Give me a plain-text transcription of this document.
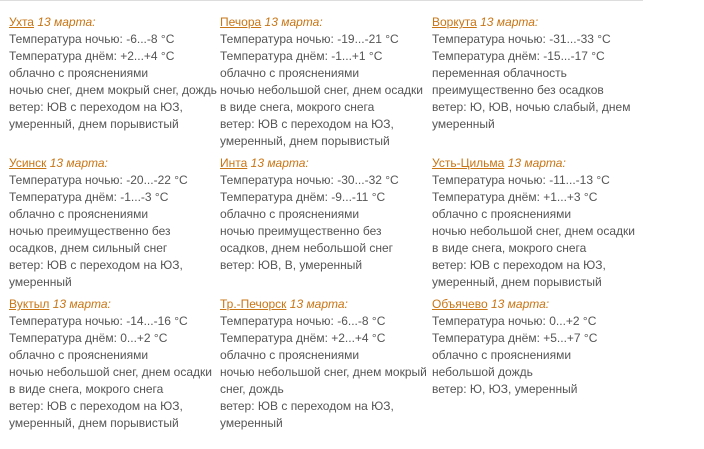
Ухта 13 марта:
Температура ночью: -6...-8 °C
Температура днём: +2...+4 °C
облачно с прояснениями
ночью снег, днем мокрый снег, дождь
ветер: ЮВ с переходом на ЮЗ, умеренный, днем порывистый
Печора 13 марта:
Температура ночью: -19...-21 °C
Температура днём: -1...+1 °C
облачно с прояснениями
ночью небольшой снег, днем осадки в виде снега, мокрого снега
ветер: ЮВ с переходом на ЮЗ, умеренный, днем порывистый
Воркута 13 марта:
Температура ночью: -31...-33 °C
Температура днём: -15...-17 °C
переменная облачность
преимущественно без осадков
ветер: Ю, ЮВ, ночью слабый, днем умеренный
Усинск 13 марта:
Температура ночью: -20...-22 °C
Температура днём: -1...-3 °C
облачно с прояснениями
ночью преимущественно без осадков, днем сильный снег
ветер: ЮВ с переходом на ЮЗ, умеренный
Инта 13 марта:
Температура ночью: -30...-32 °C
Температура днём: -9...-11 °C
облачно с прояснениями
ночью преимущественно без осадков, днем небольшой снег
ветер: ЮВ, В, умеренный
Усть-Цильма 13 марта:
Температура ночью: -11...-13 °C
Температура днём: +1...+3 °C
облачно с прояснениями
ночью небольшой снег, днем осадки в виде снега, мокрого снега
ветер: ЮВ с переходом на ЮЗ, умеренный, днем порывистый
Вуктыл 13 марта:
Температура ночью: -14...-16 °C
Температура днём: 0...+2 °C
облачно с прояснениями
ночью небольшой снег, днем осадки в виде снега, мокрого снега
ветер: ЮВ с переходом на ЮЗ, умеренный, днем порывистый
Тр.-Печорск 13 марта:
Температура ночью: -6...-8 °C
Температура днём: +2...+4 °C
облачно с прояснениями
ночью небольшой снег, днем мокрый снег, дождь
ветер: ЮВ с переходом на ЮЗ, умеренный
Объячево 13 марта:
Температура ночью: 0...+2 °C
Температура днём: +5...+7 °C
облачно с прояснениями
небольшой дождь
ветер: Ю, ЮЗ, умеренный
